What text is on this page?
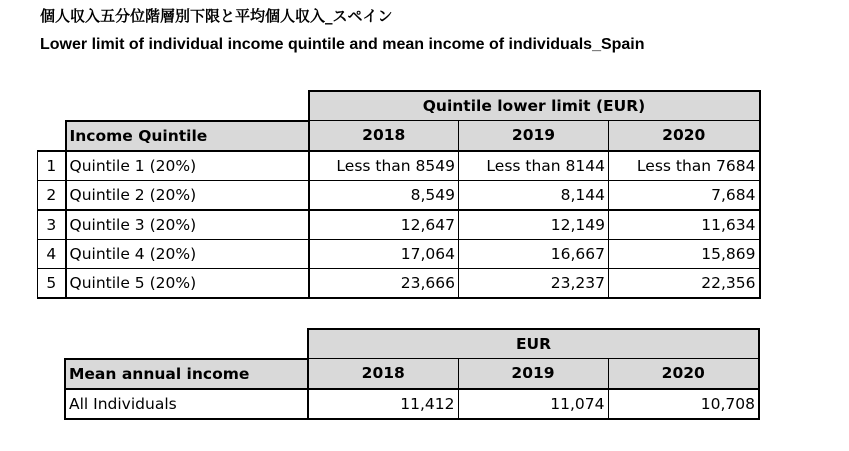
個人収入五分位階層別下限と平均個人収入_スペイン
Lower limit of individual income quintile and mean income of individuals_Spain
		Quintile lower limit (EUR)		
	Income Quintile	2018	2019	2020
1	Quintile 1 (20%)	Less than 8549	Less than 8144	Less than 7684
2	Quintile 2 (20%)	8,549	8,144	7,684
3	Quintile 3 (20%)	12,647	12,149	11,634
4	Quintile 4 (20%)	17,064	16,667	15,869
5	Quintile 5 (20%)	23,666	23,237	22,356
		EUR		
	Mean annual income	2018	2019	2020
	All Individuals	11,412	11,074	10,708
